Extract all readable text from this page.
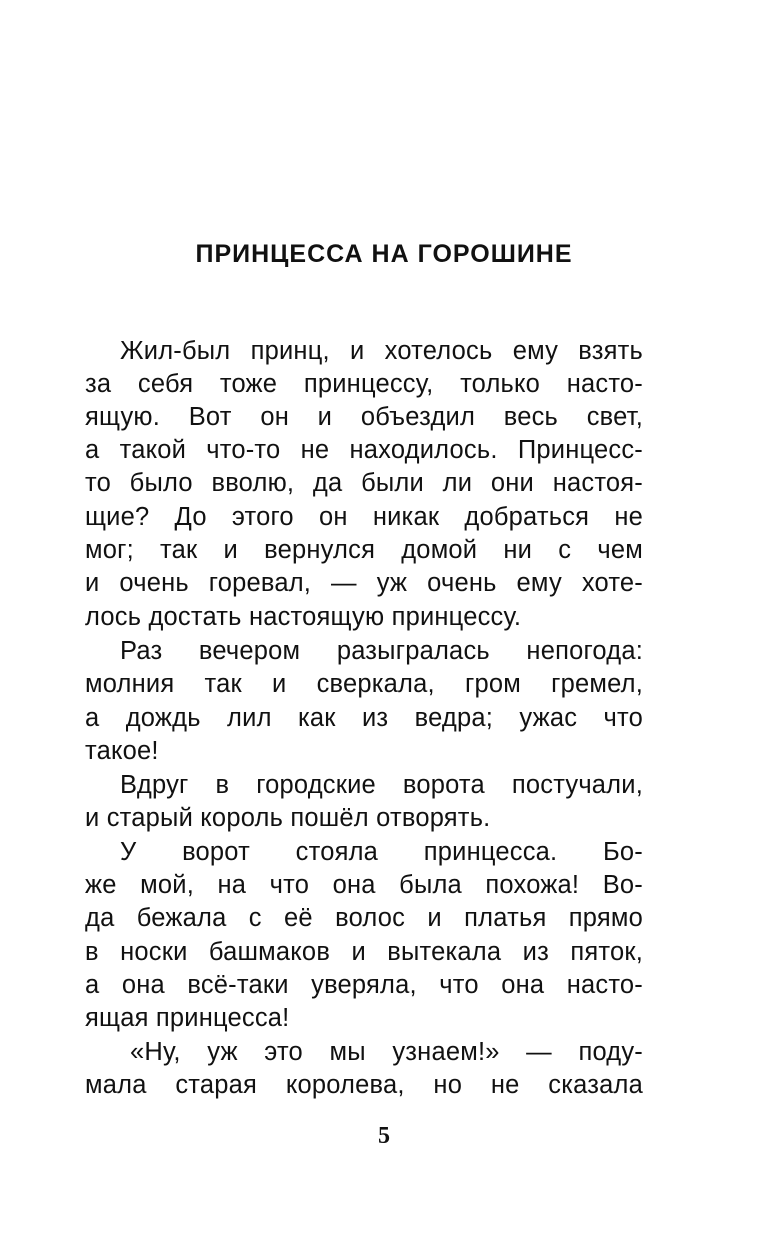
ПРИНЦЕССА НА ГОРОШИНЕ
Жил-был принц, и хотелось ему взять
за себя тоже принцессу, только насто-
ящую. Вот он и объездил весь свет,
а такой что-то не находилось. Принцесс-
то было вволю, да были ли они настоя-
щие? До этого он никак добраться не
мог; так и вернулся домой ни с чем
и очень горевал, — уж очень ему хоте-
лось достать настоящую принцессу.
Раз вечером разыгралась непогода:
молния так и сверкала, гром гремел,
а дождь лил как из ведра; ужас что
такое!
Вдруг в городские ворота постучали,
и старый король пошёл отворять.
У ворот стояла принцесса. Бо-
же мой, на что она была похожа! Во-
да бежала с её волос и платья прямо
в носки башмаков и вытекала из пяток,
а она всё-таки уверяла, что она насто-
ящая принцесса!
«Ну, уж это мы узнаем!» — поду-
мала старая королева, но не сказала
5
